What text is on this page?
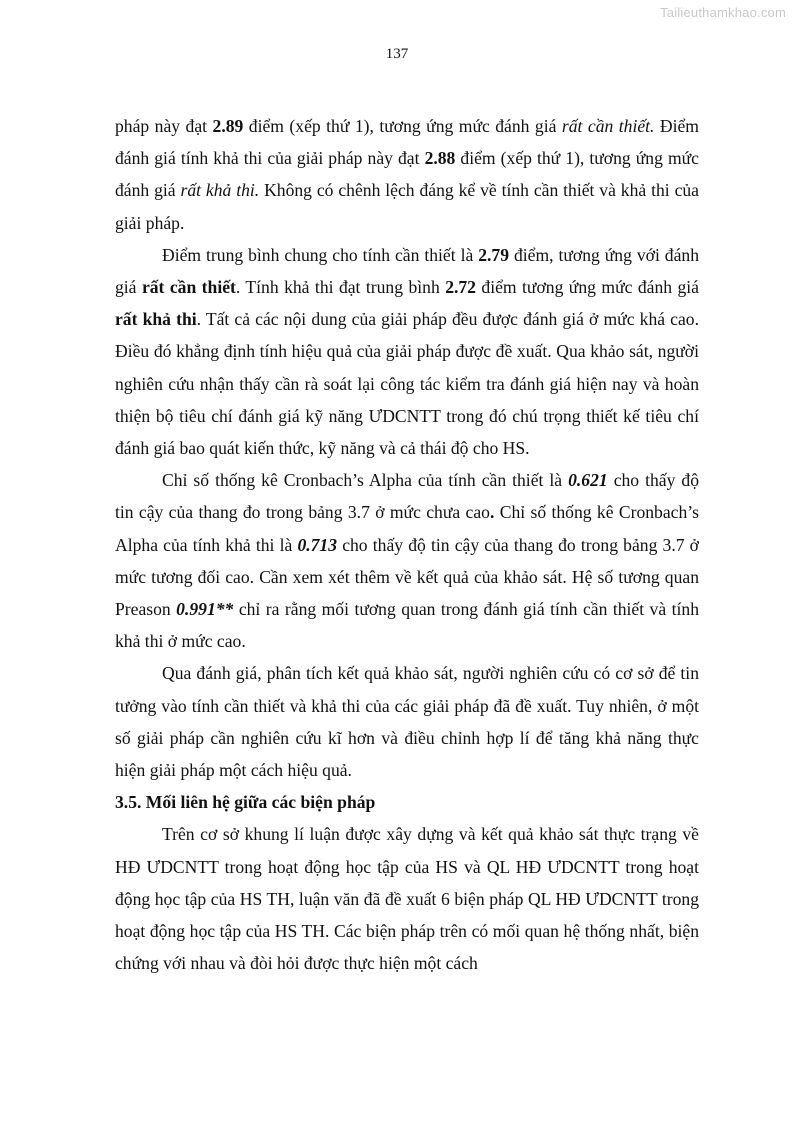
Tailieuthamkhao.com
137

pháp này đạt 2.89 điểm (xếp thứ 1), tương ứng mức đánh giá rất cần thiết. Điểm đánh giá tính khả thi của giải pháp này đạt 2.88 điểm (xếp thứ 1), tương ứng mức đánh giá rất khả thi. Không có chênh lệch đáng kể về tính cần thiết và khả thi của giải pháp.

Điểm trung bình chung cho tính cần thiết là 2.79 điểm, tương ứng với đánh giá rất cần thiết. Tính khả thi đạt trung bình 2.72 điểm tương ứng mức đánh giá rất khả thi. Tất cả các nội dung của giải pháp đều được đánh giá ở mức khá cao. Điều đó khẳng định tính hiệu quả của giải pháp được đề xuất. Qua khảo sát, người nghiên cứu nhận thấy cần rà soát lại công tác kiểm tra đánh giá hiện nay và hoàn thiện bộ tiêu chí đánh giá kỹ năng ƯDCNTT trong đó chú trọng thiết kế tiêu chí đánh giá bao quát kiến thức, kỹ năng và cả thái độ cho HS.

Chỉ số thống kê Cronbach’s Alpha của tính cần thiết là 0.621 cho thấy độ tin cậy của thang đo trong bảng 3.7 ở mức chưa cao. Chỉ số thống kê Cronbach’s Alpha của tính khả thi là 0.713 cho thấy độ tin cậy của thang đo trong bảng 3.7 ở mức tương đối cao. Cần xem xét thêm về kết quả của khảo sát. Hệ số tương quan Preason 0.991** chỉ ra rằng mối tương quan trong đánh giá tính cần thiết và tính khả thi ở mức cao.

Qua đánh giá, phân tích kết quả khảo sát, người nghiên cứu có cơ sở để tin tưởng vào tính cần thiết và khả thi của các giải pháp đã đề xuất. Tuy nhiên, ở một số giải pháp cần nghiên cứu kĩ hơn và điều chỉnh hợp lí để tăng khả năng thực hiện giải pháp một cách hiệu quả.

3.5. Mối liên hệ giữa các biện pháp

Trên cơ sở khung lí luận được xây dựng và kết quả khảo sát thực trạng về HĐ ƯDCNTT trong hoạt động học tập của HS và QL HĐ ƯDCNTT trong hoạt động học tập của HS TH, luận văn đã đề xuất 6 biện pháp QL HĐ ƯDCNTT trong hoạt động học tập của HS TH. Các biện pháp trên có mối quan hệ thống nhất, biện chứng với nhau và đòi hỏi được thực hiện một cách
